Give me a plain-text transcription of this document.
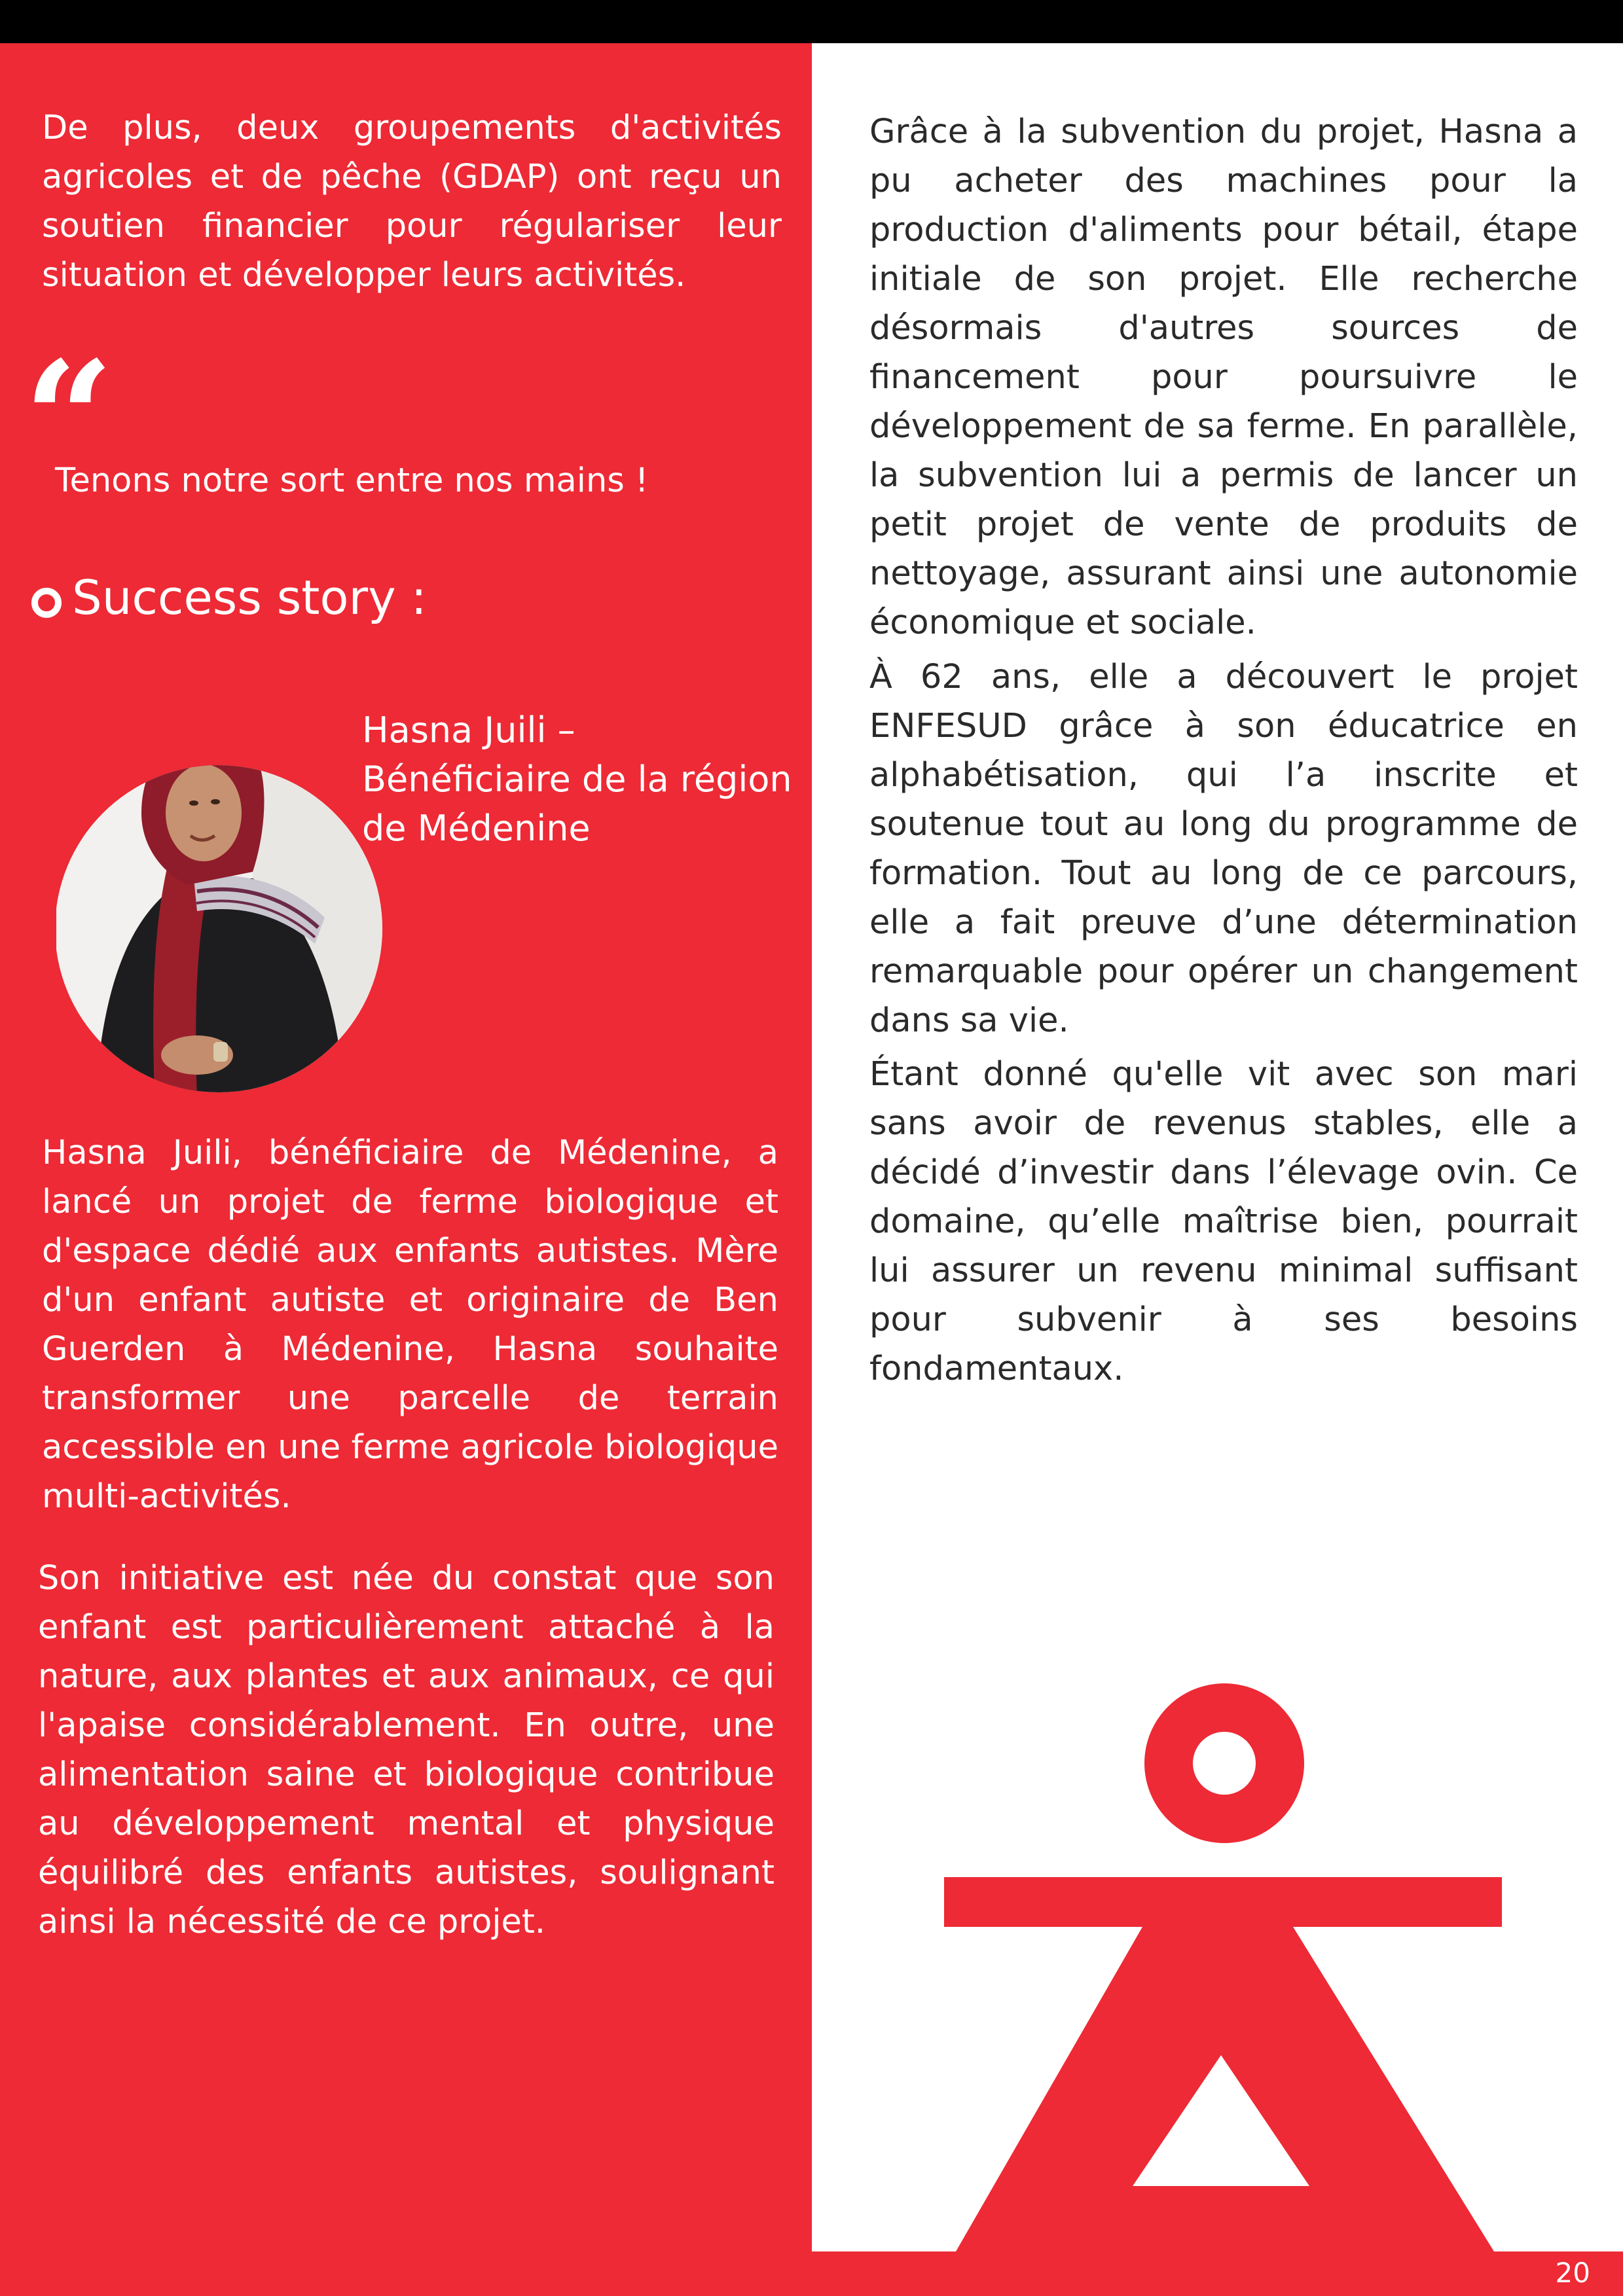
De plus, deux groupements d'activités agricoles et de pêche (GDAP) ont reçu un soutien financier pour régulariser leur situation et développer leurs activités.

“
Tenons notre sort entre nos mains !
Success story :
Hasna Juili – Bénéficiaire de la région de Médenine

Hasna Juili, bénéficiaire de Médenine, a lancé un projet de ferme biologique et d'espace dédié aux enfants autistes. Mère d'un enfant autiste et originaire de Ben Guerden à Médenine, Hasna souhaite transformer une parcelle de terrain accessible en une ferme agricole biologique multi-activités.

Son initiative est née du constat que son enfant est particulièrement attaché à la nature, aux plantes et aux animaux, ce qui l'apaise considérablement. En outre, une alimentation saine et biologique contribue au développement mental et physique équilibré des enfants autistes, soulignant ainsi la nécessité de ce projet.

Grâce à la subvention du projet, Hasna a pu acheter des machines pour la production d'aliments pour bétail, étape initiale de son projet. Elle recherche désormais d'autres sources de financement pour poursuivre le développement de sa ferme. En parallèle, la subvention lui a permis de lancer un petit projet de vente de produits de nettoyage, assurant ainsi une autonomie économique et sociale.

À 62 ans, elle a découvert le projet ENFESUD grâce à son éducatrice en alphabétisation, qui l’a inscrite et soutenue tout au long du programme de formation. Tout au long de ce parcours, elle a fait preuve d’une détermination remarquable pour opérer un changement dans sa vie.

Étant donné qu'elle vit avec son mari sans avoir de revenus stables, elle a décidé d’investir dans l’élevage ovin. Ce domaine, qu’elle maîtrise bien, pourrait lui assurer un revenu minimal suffisant pour subvenir à ses besoins fondamentaux.

20
